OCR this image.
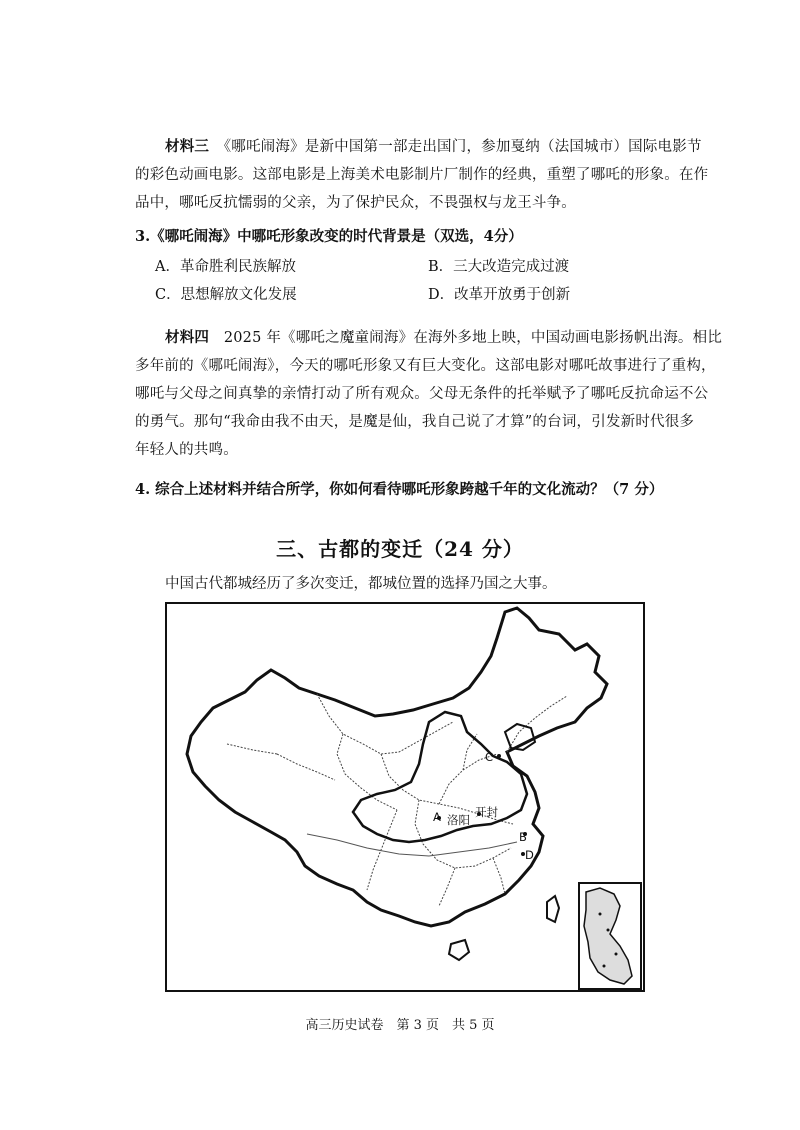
材料三　 《哪吒闹海》是新中国第一部走出国门，参加戛纳（法国城市）国际电影节
的彩色动画电影。这部电影是上海美术电影制片厂制作的经典，重塑了哪吒的形象。在作
品中，哪吒反抗懦弱的父亲，为了保护民众，不畏强权与龙王斗争。
3.《哪吒闹海》中哪吒形象改变的时代背景是（双选，4分）
A．革命胜利民族解放	B．三大改造完成过渡
C．思想解放文化发展	D．改革开放勇于创新
材料四　 2025 年《哪吒之魔童闹海》在海外多地上映，中国动画电影扬帆出海。相比
多年前的《哪吒闹海》，今天的哪吒形象又有巨大变化。这部电影对哪吒故事进行了重构，
哪吒与父母之间真挚的亲情打动了所有观众。父母无条件的托举赋予了哪吒反抗命运不公
的勇气。那句“我命由我不由天，是魔是仙，我自己说了才算”的台词，引发新时代很多
年轻人的共鸣。
4. 综合上述材料并结合所学，你如何看待哪吒形象跨越千年的文化流动？（7 分）
三、古都的变迁（24 分）
中国古代都城经历了多次变迁，都城位置的选择乃国之大事。
A 洛阳
开封
C
B
D
高三历史试卷　第 3 页　共 5 页
